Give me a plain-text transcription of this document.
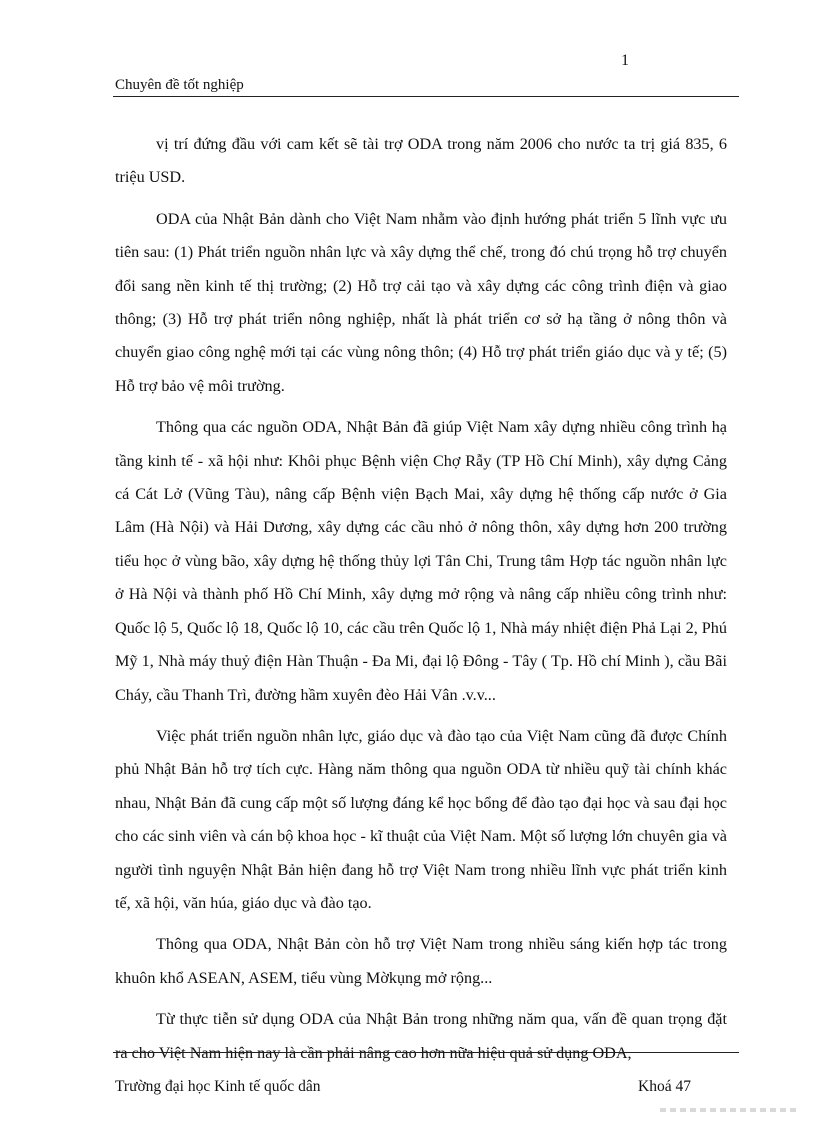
1
Chuyên đề tốt nghiệp

vị trí đứng đầu với cam kết sẽ tài trợ ODA trong năm 2006 cho nước ta trị giá 835, 6 triệu USD.

ODA của Nhật Bản dành cho Việt Nam nhằm vào định hướng phát triển 5 lĩnh vực ưu tiên sau: (1) Phát triển nguồn nhân lực và xây dựng thể chế, trong đó chú trọng hỗ trợ chuyển đổi sang nền kinh tế thị trường; (2) Hỗ trợ cải tạo và xây dựng các công trình điện và giao thông; (3) Hỗ trợ phát triển nông nghiệp, nhất là phát triển cơ sở hạ tầng ở nông thôn và chuyển giao công nghệ mới tại các vùng nông thôn; (4) Hỗ trợ phát triển giáo dục và y tế; (5) Hỗ trợ bảo vệ môi trường.

Thông qua các nguồn ODA, Nhật Bản đã giúp Việt Nam xây dựng nhiều công trình hạ tầng kinh tế - xã hội như: Khôi phục Bệnh viện Chợ Rẫy (TP Hồ Chí Minh), xây dựng Cảng cá Cát Lở (Vũng Tàu), nâng cấp Bệnh viện Bạch Mai, xây dựng hệ thống cấp nước ở Gia Lâm (Hà Nội) và Hải Dương, xây dựng các cầu nhỏ ở nông thôn, xây dựng hơn 200 trường tiểu học ở vùng bão, xây dựng hệ thống thủy lợi Tân Chi, Trung tâm Hợp tác nguồn nhân lực ở Hà Nội và thành phố Hồ Chí Minh, xây dựng mở rộng và nâng cấp nhiều công trình như: Quốc lộ 5, Quốc lộ 18, Quốc lộ 10, các cầu trên Quốc lộ 1, Nhà máy nhiệt điện Phả Lại 2, Phú Mỹ 1, Nhà máy thuỷ điện Hàn Thuận - Đa Mi, đại lộ Đông - Tây ( Tp. Hồ chí Minh ), cầu Bãi Cháy, cầu Thanh Trì, đường hầm xuyên đèo Hải Vân .v.v...

Việc phát triển nguồn nhân lực, giáo dục và đào tạo của Việt Nam cũng đã được Chính phủ Nhật Bản hỗ trợ tích cực. Hàng năm thông qua nguồn ODA từ nhiều quỹ tài chính khác nhau, Nhật Bản đã cung cấp một số lượng đáng kể học bổng để đào tạo đại học và sau đại học cho các sinh viên và cán bộ khoa học - kĩ thuật của Việt Nam. Một số lượng lớn chuyên gia và người tình nguyện Nhật Bản hiện đang hỗ trợ Việt Nam trong nhiều lĩnh vực phát triển kinh tế, xã hội, văn húa, giáo dục và đào tạo.

Thông qua ODA, Nhật Bản còn hỗ trợ Việt Nam trong nhiều sáng kiến hợp tác trong khuôn khổ ASEAN, ASEM, tiểu vùng Mờkụng mở rộng...

Từ thực tiễn sử dụng ODA của Nhật Bản trong những năm qua, vấn đề quan trọng đặt ra cho Việt Nam hiện nay là cần phải nâng cao hơn nữa hiệu quả sử dụng ODA,

Trường đại học Kinh tế quốc dân	Khoá 47
